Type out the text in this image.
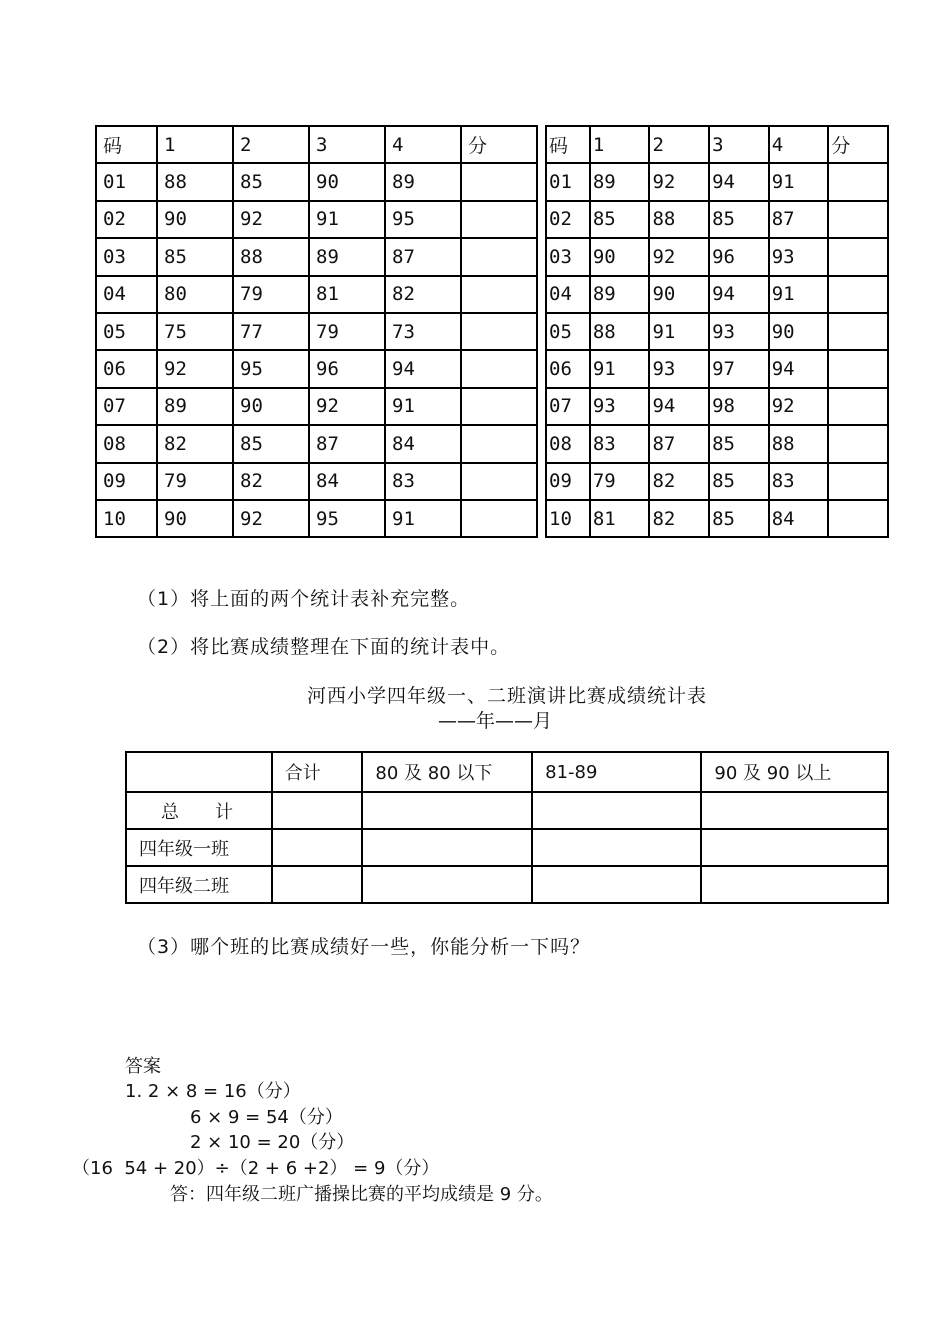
码	1	2	3	4	分
01	88	85	90	89	
02	90	92	91	95	
03	85	88	89	87	
04	80	79	81	82	
05	75	77	79	73	
06	92	95	96	94	
07	89	90	92	91	
08	82	85	87	84	
09	79	82	84	83	
10	90	92	95	91	
码	1	2	3	4	分
01	89	92	94	91	
02	85	88	85	87	
03	90	92	96	93	
04	89	90	94	91	
05	88	91	93	90	
06	91	93	97	94	
07	93	94	98	92	
08	83	87	85	88	
09	79	82	85	83	
10	81	82	85	84	
（1）将上面的两个统计表补充完整。
（2）将比赛成绩整理在下面的统计表中。
河西小学四年级一、二班演讲比赛成绩统计表
——年——月
	合计	80 及 80 以下	81-89	90 及 90 以上
总　　计				
四年级一班				
四年级二班				
（3）哪个班的比赛成绩好一些，你能分析一下吗？
答案
1. 2 × 8 = 16（分）
6 × 9 = 54（分）
2 × 10 = 20（分）
（16  54 + 20）÷（2 + 6 +2） = 9（分）
答：四年级二班广播操比赛的平均成绩是 9 分。
